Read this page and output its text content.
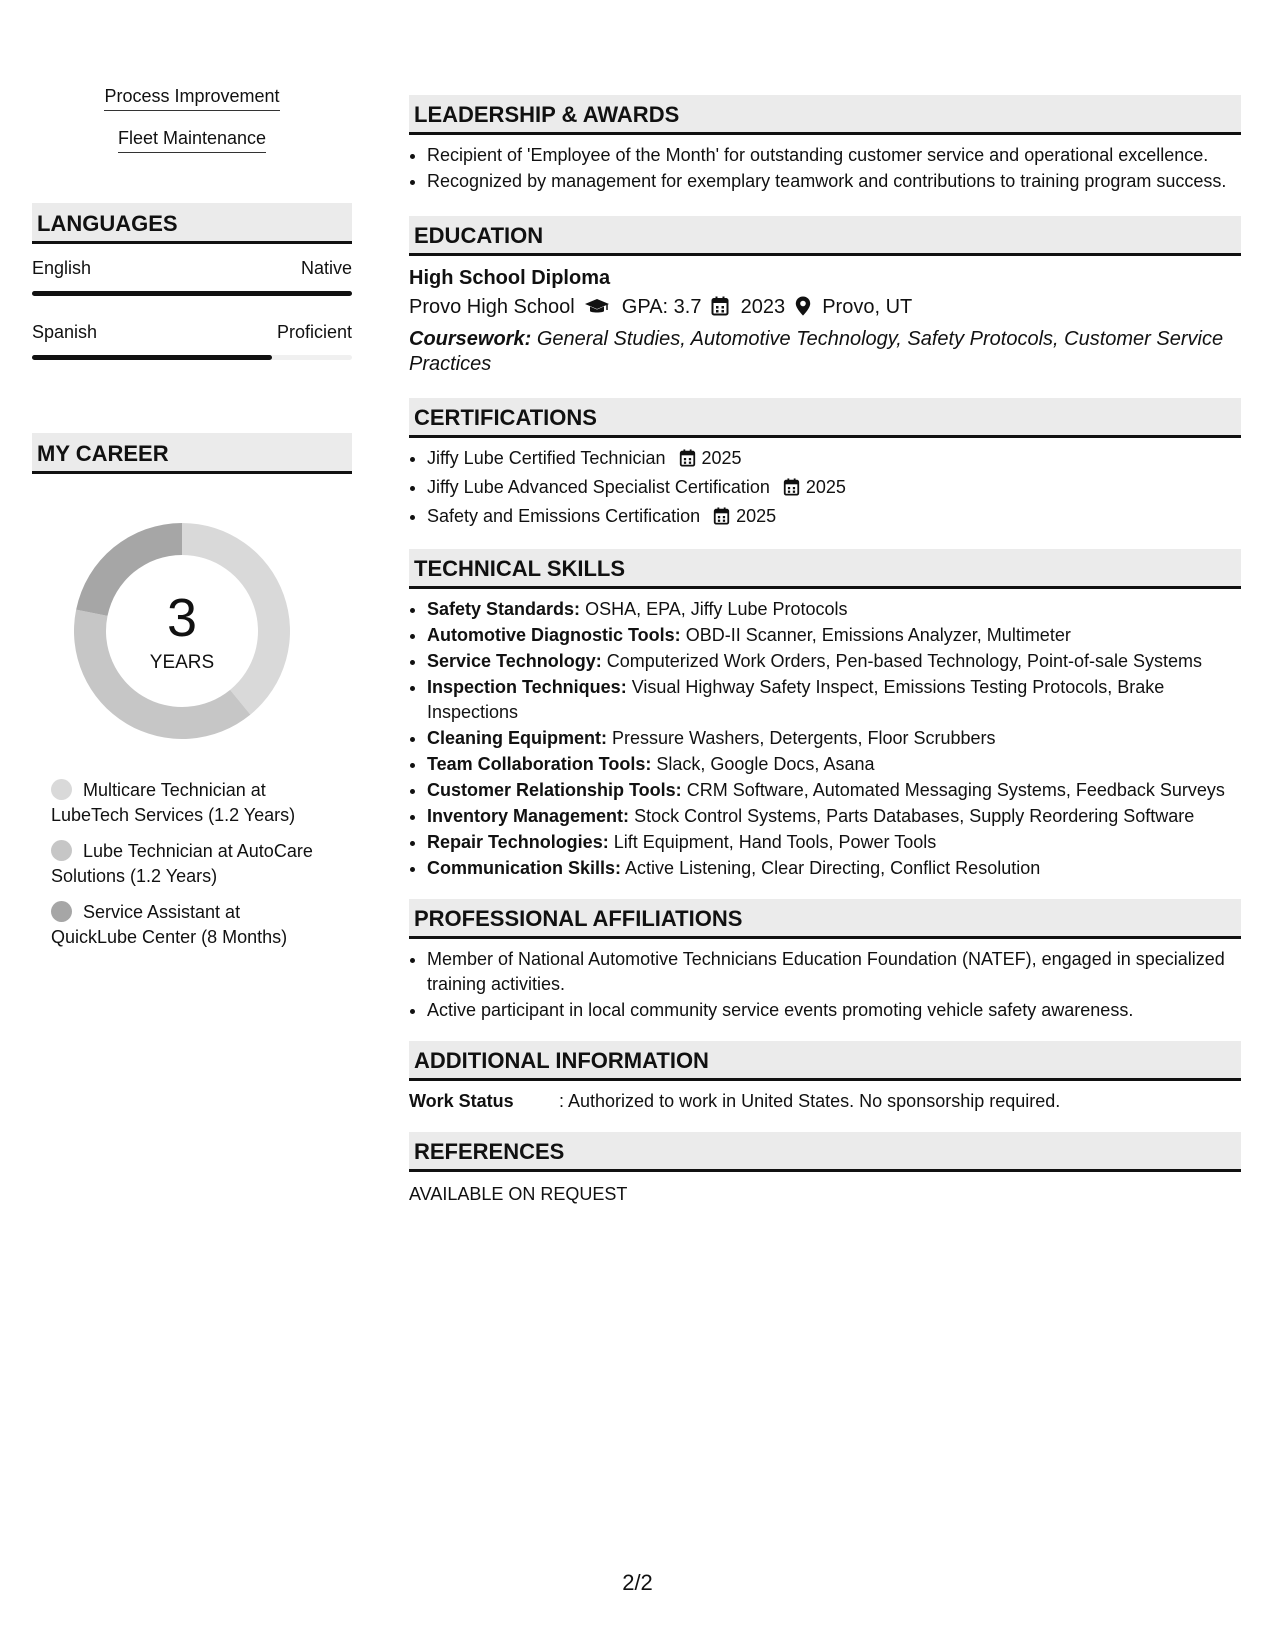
Process Improvement
Fleet Maintenance
LANGUAGES
English	Native
Spanish	Proficient
MY CAREER
3
YEARS
Multicare Technician at LubeTech Services (1.2 Years)
Lube Technician at AutoCare Solutions (1.2 Years)
Service Assistant at QuickLube Center (8 Months)
LEADERSHIP & AWARDS
• Recipient of 'Employee of the Month' for outstanding customer service and operational excellence.
• Recognized by management for exemplary teamwork and contributions to training program success.
EDUCATION
High School Diploma
Provo High School GPA: 3.7 2023 Provo, UT
Coursework: General Studies, Automotive Technology, Safety Protocols, Customer Service Practices
CERTIFICATIONS
• Jiffy Lube Certified Technician 2025
• Jiffy Lube Advanced Specialist Certification 2025
• Safety and Emissions Certification 2025
TECHNICAL SKILLS
• Safety Standards: OSHA, EPA, Jiffy Lube Protocols
• Automotive Diagnostic Tools: OBD-II Scanner, Emissions Analyzer, Multimeter
• Service Technology: Computerized Work Orders, Pen-based Technology, Point-of-sale Systems
• Inspection Techniques: Visual Highway Safety Inspect, Emissions Testing Protocols, Brake Inspections
• Cleaning Equipment: Pressure Washers, Detergents, Floor Scrubbers
• Team Collaboration Tools: Slack, Google Docs, Asana
• Customer Relationship Tools: CRM Software, Automated Messaging Systems, Feedback Surveys
• Inventory Management: Stock Control Systems, Parts Databases, Supply Reordering Software
• Repair Technologies: Lift Equipment, Hand Tools, Power Tools
• Communication Skills: Active Listening, Clear Directing, Conflict Resolution
PROFESSIONAL AFFILIATIONS
• Member of National Automotive Technicians Education Foundation (NATEF), engaged in specialized training activities.
• Active participant in local community service events promoting vehicle safety awareness.
ADDITIONAL INFORMATION
Work Status	: Authorized to work in United States. No sponsorship required.
REFERENCES
AVAILABLE ON REQUEST
2/2
